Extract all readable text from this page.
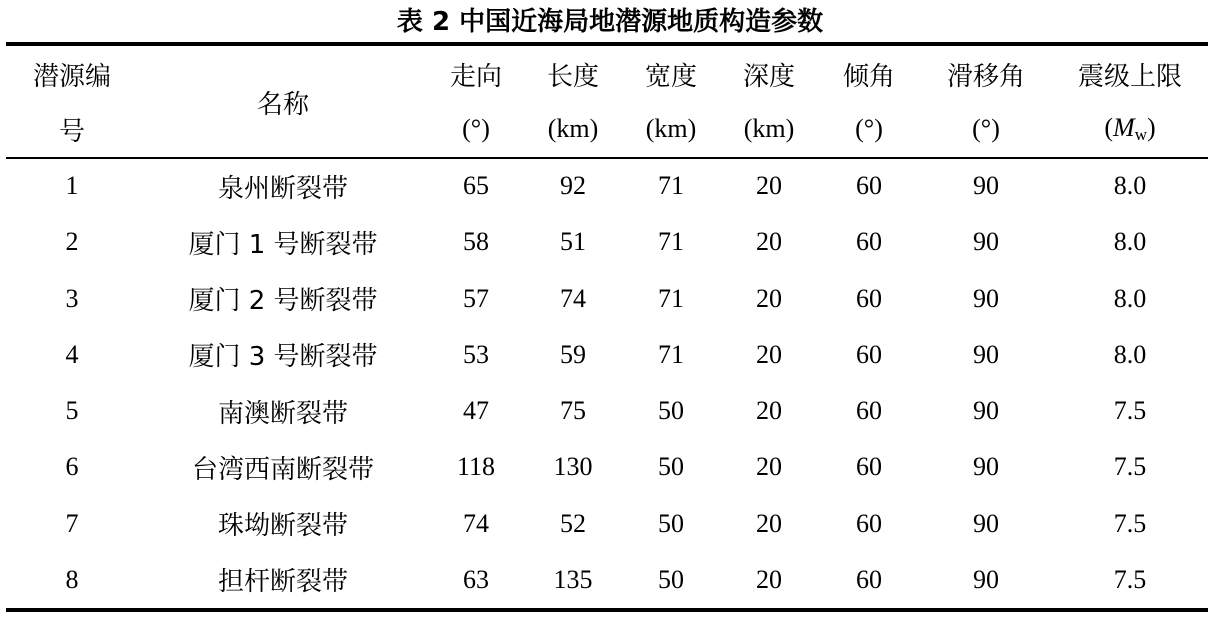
表 2 中国近海局地潜源地质构造参数
潜源编	名称	走向	长度	宽度	深度	倾角	滑移角	震级上限
号		(°)	(km)	(km)	(km)	(°)	(°)	(Mw)
1	泉州断裂带	65	92	71	20	60	90	8.0
2	厦门 1 号断裂带	58	51	71	20	60	90	8.0
3	厦门 2 号断裂带	57	74	71	20	60	90	8.0
4	厦门 3 号断裂带	53	59	71	20	60	90	8.0
5	南澳断裂带	47	75	50	20	60	90	7.5
6	台湾西南断裂带	118	130	50	20	60	90	7.5
7	珠坳断裂带	74	52	50	20	60	90	7.5
8	担杆断裂带	63	135	50	20	60	90	7.5
